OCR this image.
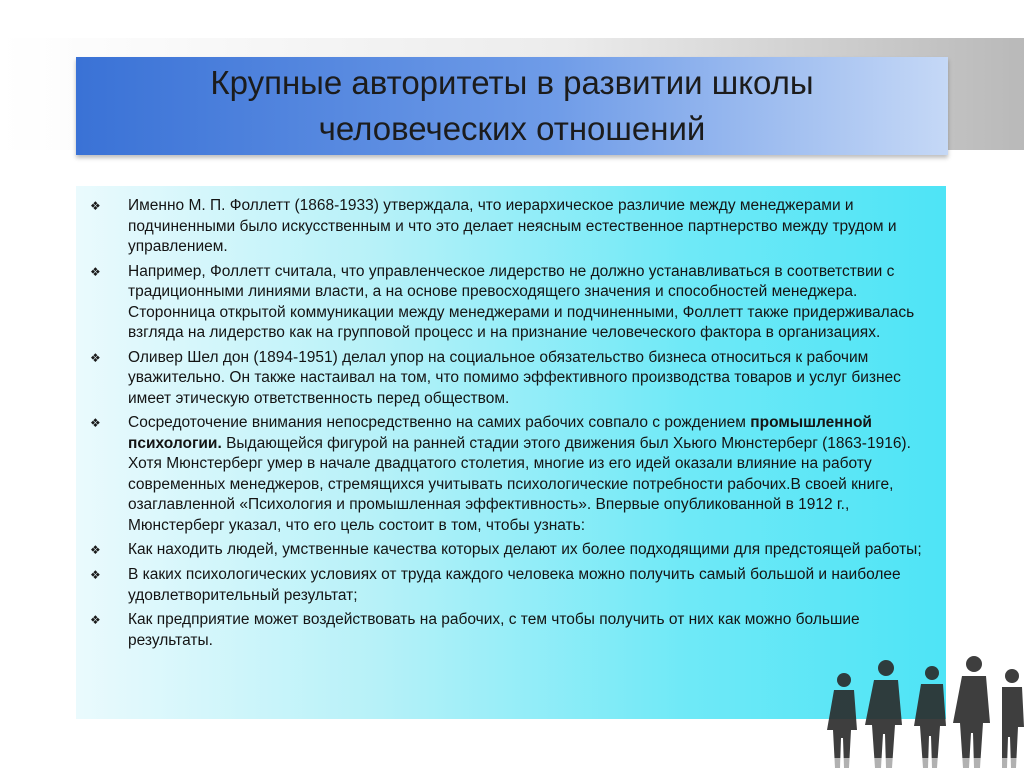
Крупные авторитеты в развитии школы
человеческих отношений
❖	Именно М. П. Фоллетт (1868-1933) утверждала, что иерархическое различие между менеджерами и подчиненными было искусственным и что это делает неясным естественное партнерство между трудом и управлением.
❖	Например, Фоллетт считала, что управленческое лидерство не должно устанавливаться в соответствии с традиционными линиями власти, а на основе превосходящего значения и способностей менеджера. Сторонница открытой коммуникации между менеджерами и подчиненными, Фоллетт также придерживалась взгляда на лидерство как на групповой процесс и на признание человеческого фактора в организациях.
❖	Оливер Шел дон (1894-1951) делал упор на социальное обязательство бизнеса относиться к рабочим уважительно. Он также настаивал на том, что помимо эффективного производства товаров и услуг бизнес имеет этическую ответственность перед обществом.
❖	Сосредоточение внимания непосредственно на самих рабочих совпало с рождением промышленной психологии. Выдающейся фигурой на ранней стадии этого движения был Хьюго Мюнстерберг (1863-1916). Хотя Мюнстерберг умер в начале двадцатого столетия, многие из его идей оказали влияние на работу современных менеджеров, стремящихся учитывать психологические потребности рабочих.В своей книге, озаглавленной «Психология и промышленная эффективность». Впервые опубликованной в 1912 г., Мюнстерберг указал, что его цель состоит в том, чтобы узнать:
❖	Как находить людей, умственные качества которых делают их более подходящими для предстоящей работы;
❖	В каких психологических условиях от труда каждого человека можно получить самый большой и наиболее удовлетворительный результат;
❖	Как предприятие может воздействовать на рабочих, с тем чтобы получить от них как можно большие результаты.
